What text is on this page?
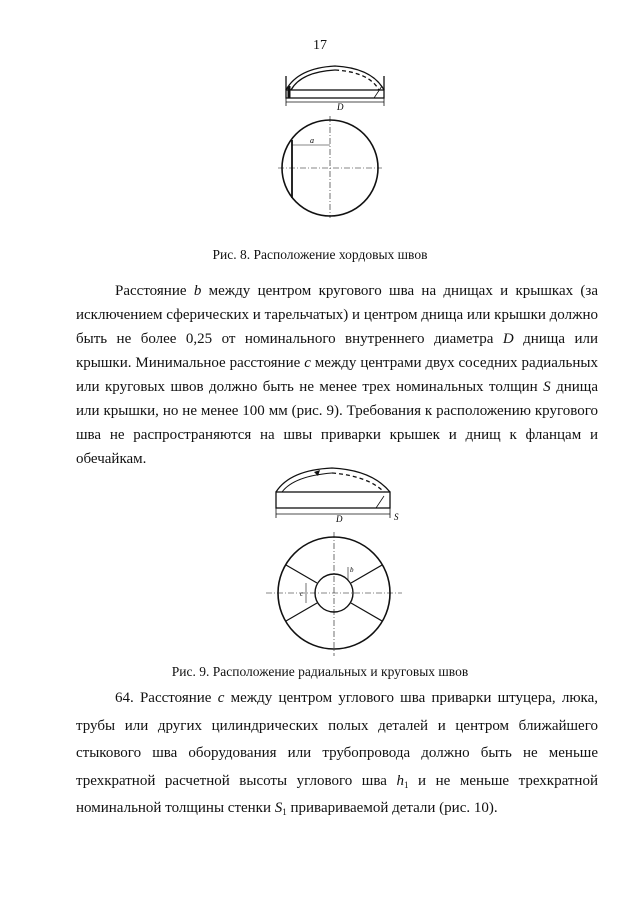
17
D
a
Рис. 8. Расположение хордовых швов
Расстояние b между центром кругового шва на днищах и крышках (за
исключением сферических и тарельчатых) и центром днища или крышки должно
быть не более 0,25 от номинального внутреннего диаметра D днища или
крышки. Минимальное расстояние c между центрами двух соседних радиальных
или круговых швов должно быть не менее трех номинальных толщин S днища
или крышки, но не менее 100 мм (рис. 9). Требования к расположению кругового
шва не распространяются на швы приварки крышек и днищ к фланцам и
обечайкам.
D	S
b
c
Рис. 9. Расположение радиальных и круговых швов
64. Расстояние c между центром углового шва приварки штуцера, люка,
трубы или других цилиндрических полых деталей и центром ближайшего
стыкового шва оборудования или трубопровода должно быть не меньше
трехкратной расчетной высоты углового шва $h_1$ и не меньше трехкратной
номинальной толщины стенки $S_1$ привариваемой детали (рис. 10).
